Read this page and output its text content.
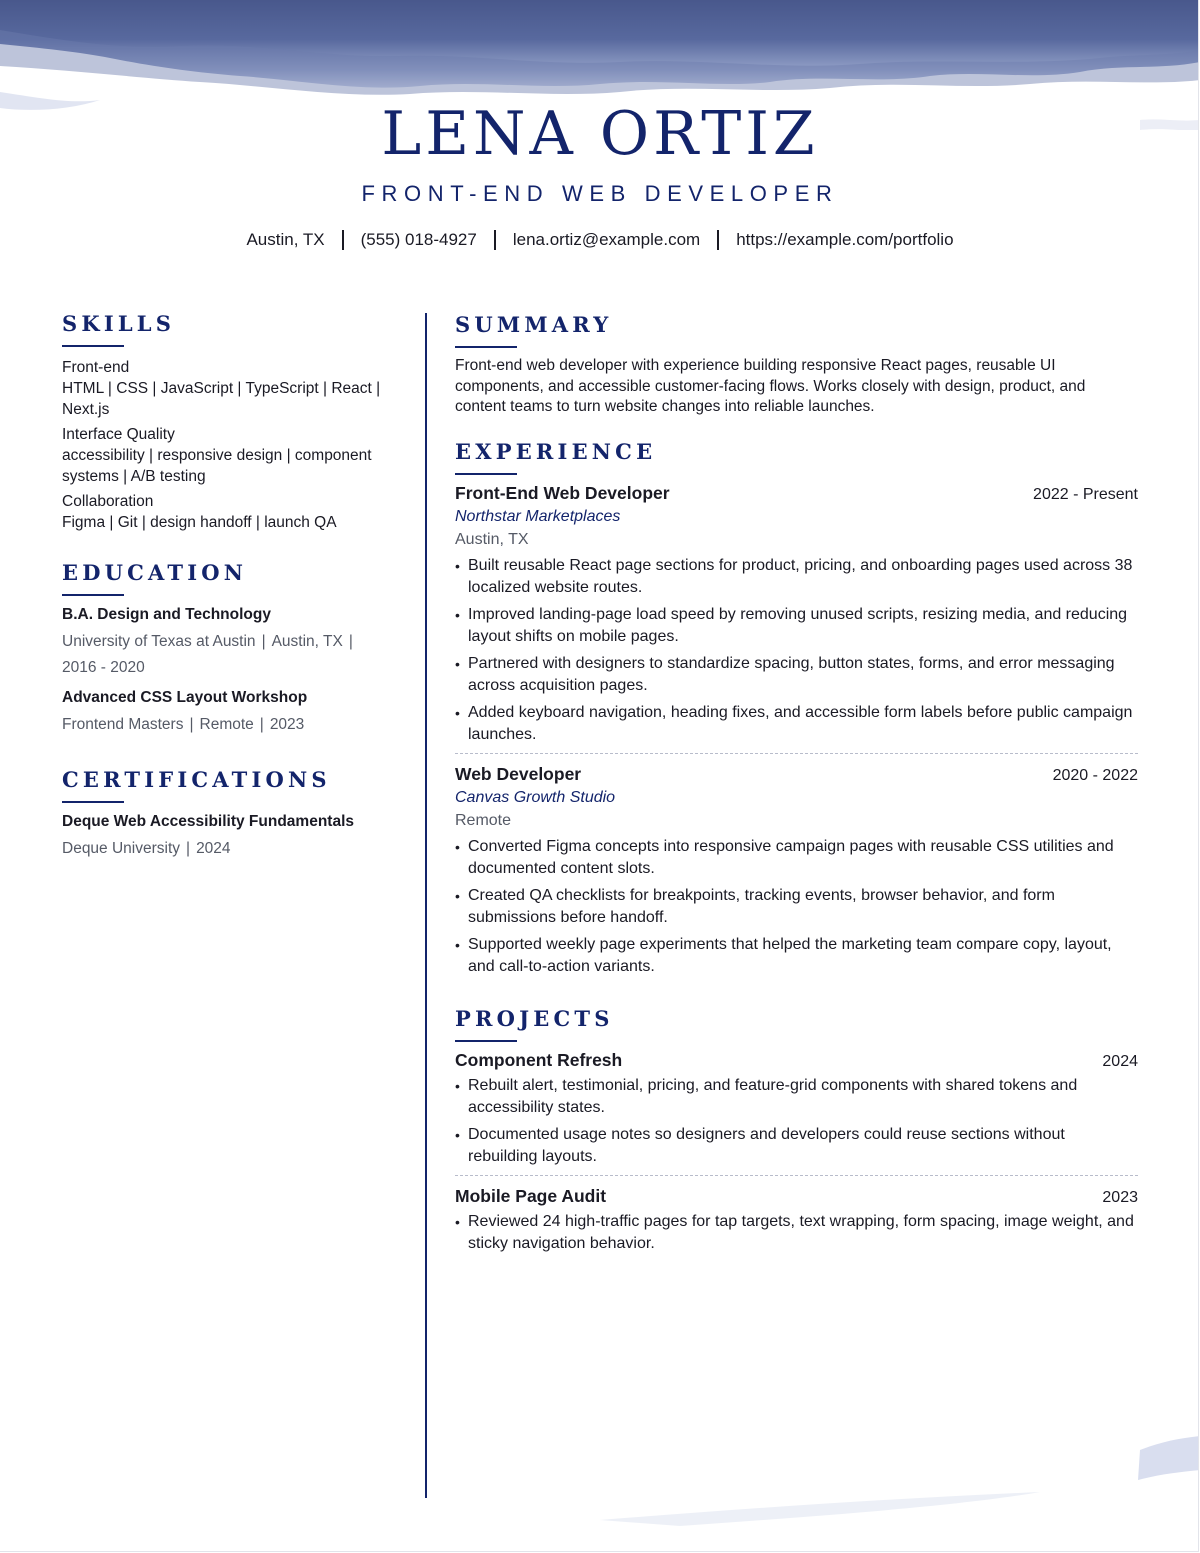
LENA ORTIZ
FRONT-END WEB DEVELOPER
Austin, TX (555) 018-4927 lena.ortiz@example.com https://example.com/portfolio
SKILLS
Front-end
HTML | CSS | JavaScript | TypeScript | React | Next.js
Interface Quality
accessibility | responsive design | component systems | A/B testing
Collaboration
Figma | Git | design handoff | launch QA
EDUCATION
B.A. Design and Technology
University of Texas at Austin | Austin, TX |
2016 - 2020
Advanced CSS Layout Workshop
Frontend Masters | Remote | 2023
CERTIFICATIONS
Deque Web Accessibility Fundamentals
Deque University | 2024
SUMMARY
Front-end web developer with experience building responsive React pages, reusable UI components, and accessible customer-facing flows. Works closely with design, product, and content teams to turn website changes into reliable launches.
EXPERIENCE
Front-End Web Developer	2022 - Present
Northstar Marketplaces
Austin, TX
• Built reusable React page sections for product, pricing, and onboarding pages used across 38 localized website routes.
• Improved landing-page load speed by removing unused scripts, resizing media, and reducing layout shifts on mobile pages.
• Partnered with designers to standardize spacing, button states, forms, and error messaging across acquisition pages.
• Added keyboard navigation, heading fixes, and accessible form labels before public campaign launches.
Web Developer	2020 - 2022
Canvas Growth Studio
Remote
• Converted Figma concepts into responsive campaign pages with reusable CSS utilities and documented content slots.
• Created QA checklists for breakpoints, tracking events, browser behavior, and form submissions before handoff.
• Supported weekly page experiments that helped the marketing team compare copy, layout, and call-to-action variants.
PROJECTS
Component Refresh	2024
• Rebuilt alert, testimonial, pricing, and feature-grid components with shared tokens and accessibility states.
• Documented usage notes so designers and developers could reuse sections without rebuilding layouts.
Mobile Page Audit	2023
• Reviewed 24 high-traffic pages for tap targets, text wrapping, form spacing, image weight, and sticky navigation behavior.
